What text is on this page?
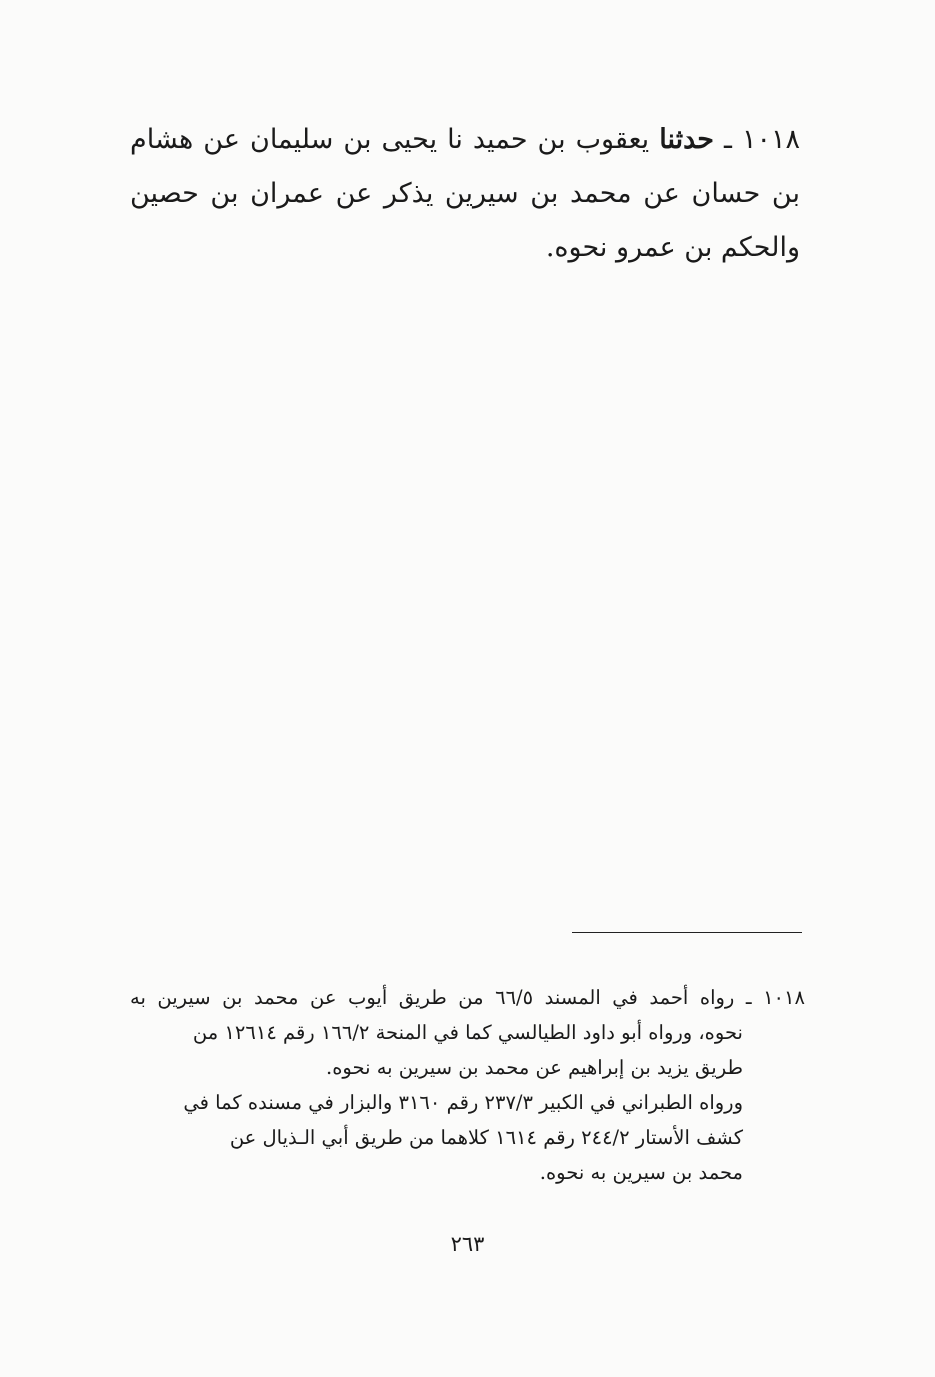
١٠١٨ ـ حدثنا يعقوب بن حميد نا يحيى بن سليمان عن هشام بن حسان عن محمد بن سيرين يذكر عن عمران بن حصين والحكم بن عمرو نحوه.
١٠١٨ ـ رواه أحمد في المسند ٦٦/٥ من طريق أيوب عن محمد بن سيرين به
نحوه، ورواه أبو داود الطيالسي كما في المنحة ١٦٦/٢ رقم ١٢٦١٤ من
طريق يزيد بن إبراهيم عن محمد بن سيرين به نحوه.
ورواه الطبراني في الكبير ٢٣٧/٣ رقم ٣١٦٠ والبزار في مسنده كما في
كشف الأستار ٢٤٤/٢ رقم ١٦١٤ كلاهما من طريق أبي الـذيال عن
محمد بن سيرين به نحوه.
٢٦٣
